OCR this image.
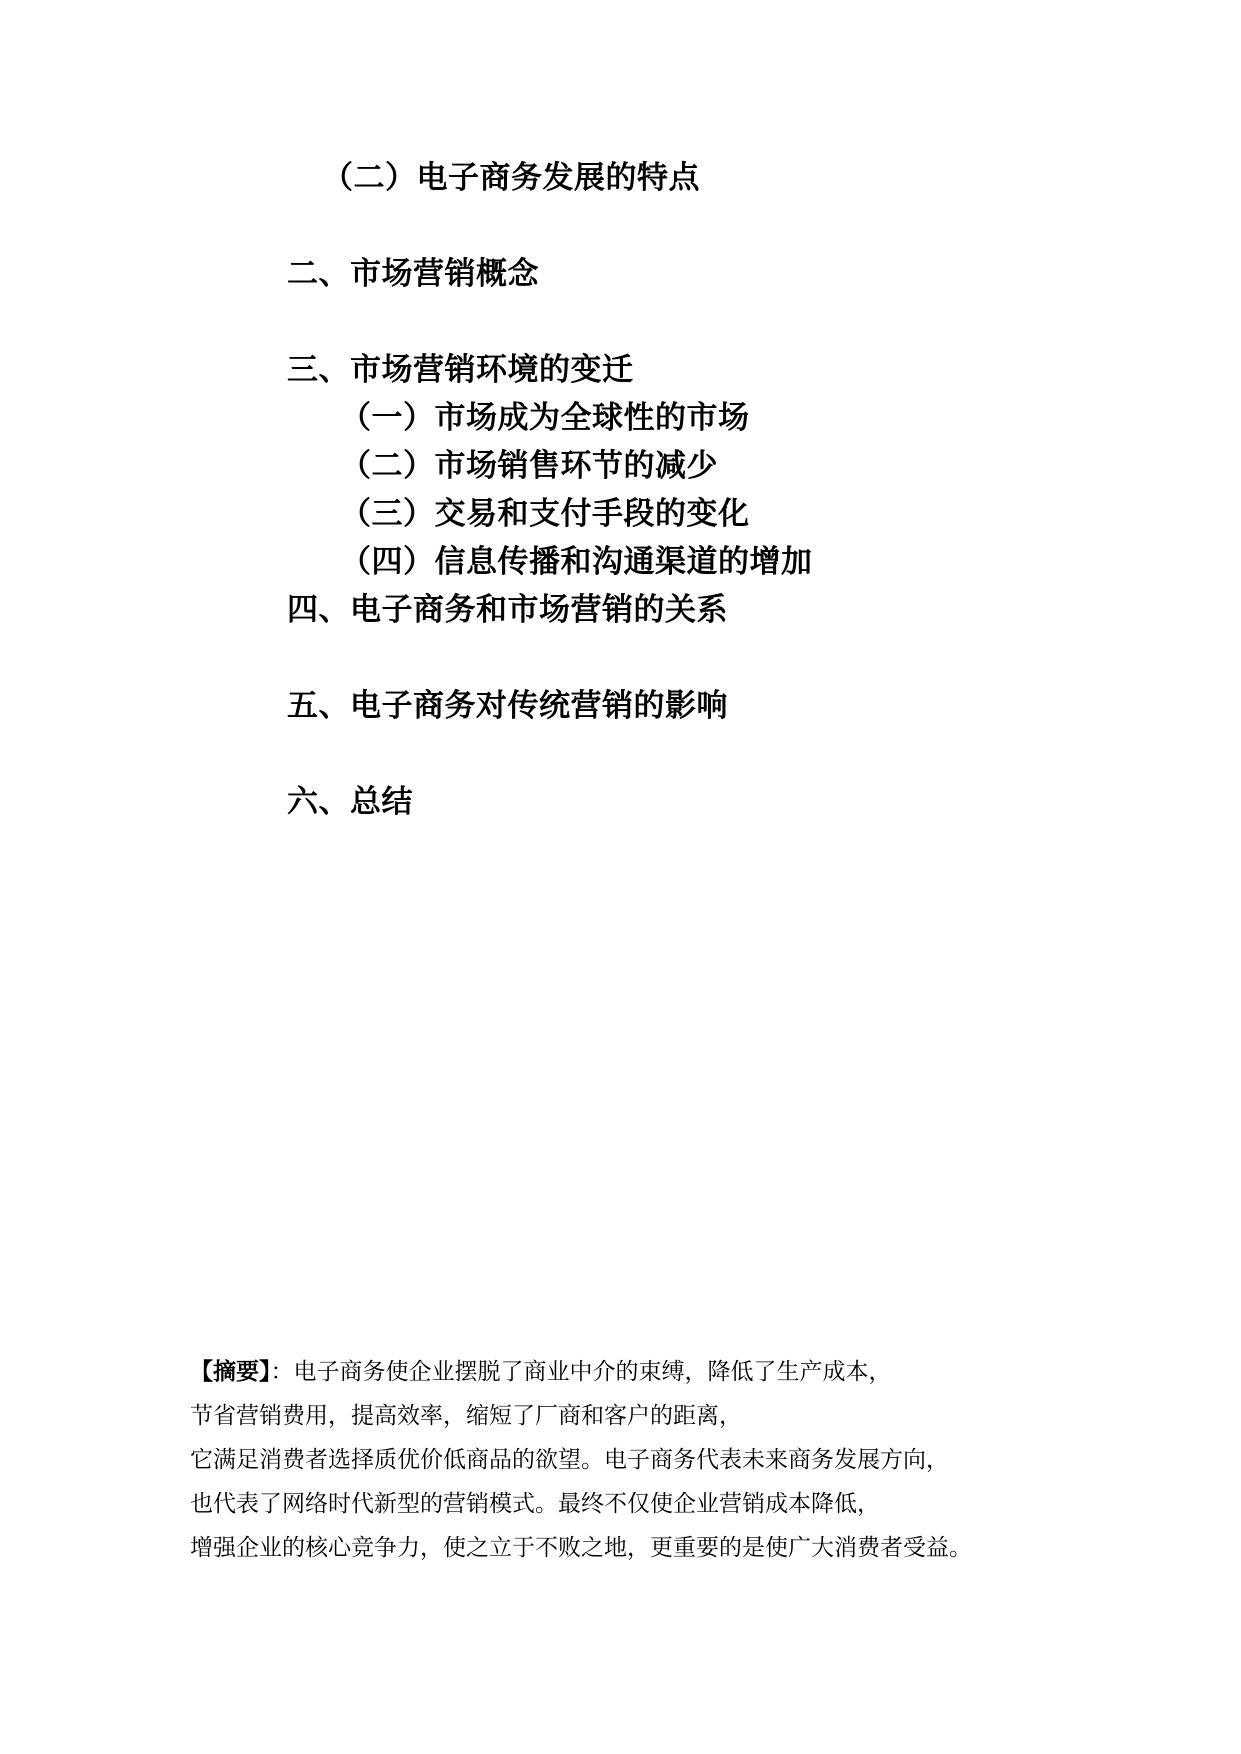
（二）电子商务发展的特点
二、市场营销概念
三、市场营销环境的变迁
（一）市场成为全球性的市场
（二）市场销售环节的减少
（三）交易和支付手段的变化
（四）信息传播和沟通渠道的增加
四、电子商务和市场营销的关系
五、电子商务对传统营销的影响
六、总结
【摘要】：电子商务使企业摆脱了商业中介的束缚，降低了生产成本，
节省营销费用，提高效率，缩短了厂商和客户的距离，
它满足消费者选择质优价低商品的欲望。电子商务代表未来商务发展方向，
也代表了网络时代新型的营销模式。最终不仅使企业营销成本降低，
增强企业的核心竞争力，使之立于不败之地，更重要的是使广大消费者受益。
